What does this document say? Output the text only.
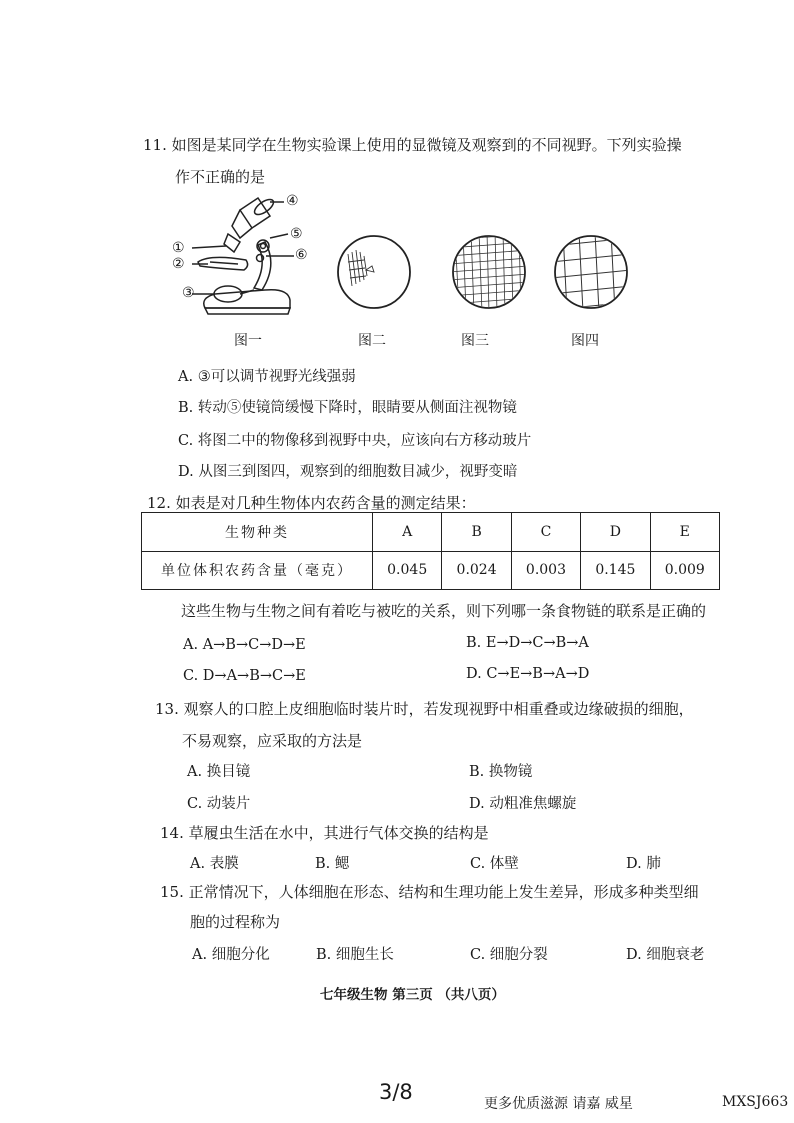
11. 如图是某同学在生物实验课上使用的显微镜及观察到的不同视野。下列实验操
作不正确的是
①
②
③
④
⑤
⑥
图一	图二	图三	图四
A. ③可以调节视野光线强弱
B. 转动⑤使镜筒缓慢下降时，眼睛要从侧面注视物镜
C. 将图二中的物像移到视野中央，应该向右方移动玻片
D. 从图三到图四，观察到的细胞数目减少，视野变暗
12. 如表是对几种生物体内农药含量的测定结果：
生物种类	A	B	C	D	E
单位体积农药含量（毫克）	0.045	0.024	0.003	0.145	0.009
这些生物与生物之间有着吃与被吃的关系，则下列哪一条食物链的联系是正确的
A. A→B→C→D→E	B. E→D→C→B→A
C. D→A→B→C→E	D. C→E→B→A→D
13. 观察人的口腔上皮细胞临时装片时，若发现视野中相重叠或边缘破损的细胞，
不易观察，应采取的方法是
A. 换目镜	B. 换物镜
C. 动装片	D. 动粗准焦螺旋
14. 草履虫生活在水中，其进行气体交换的结构是
A. 表膜	B. 鳃	C. 体壁	D. 肺
15. 正常情况下，人体细胞在形态、结构和生理功能上发生差异，形成多种类型细
胞的过程称为
A. 细胞分化	B. 细胞生长	C. 细胞分裂	D. 细胞衰老
七年级生物 第三页 （共八页）
3/8	更多优质滋源 请嘉 威星	MXSJ663
